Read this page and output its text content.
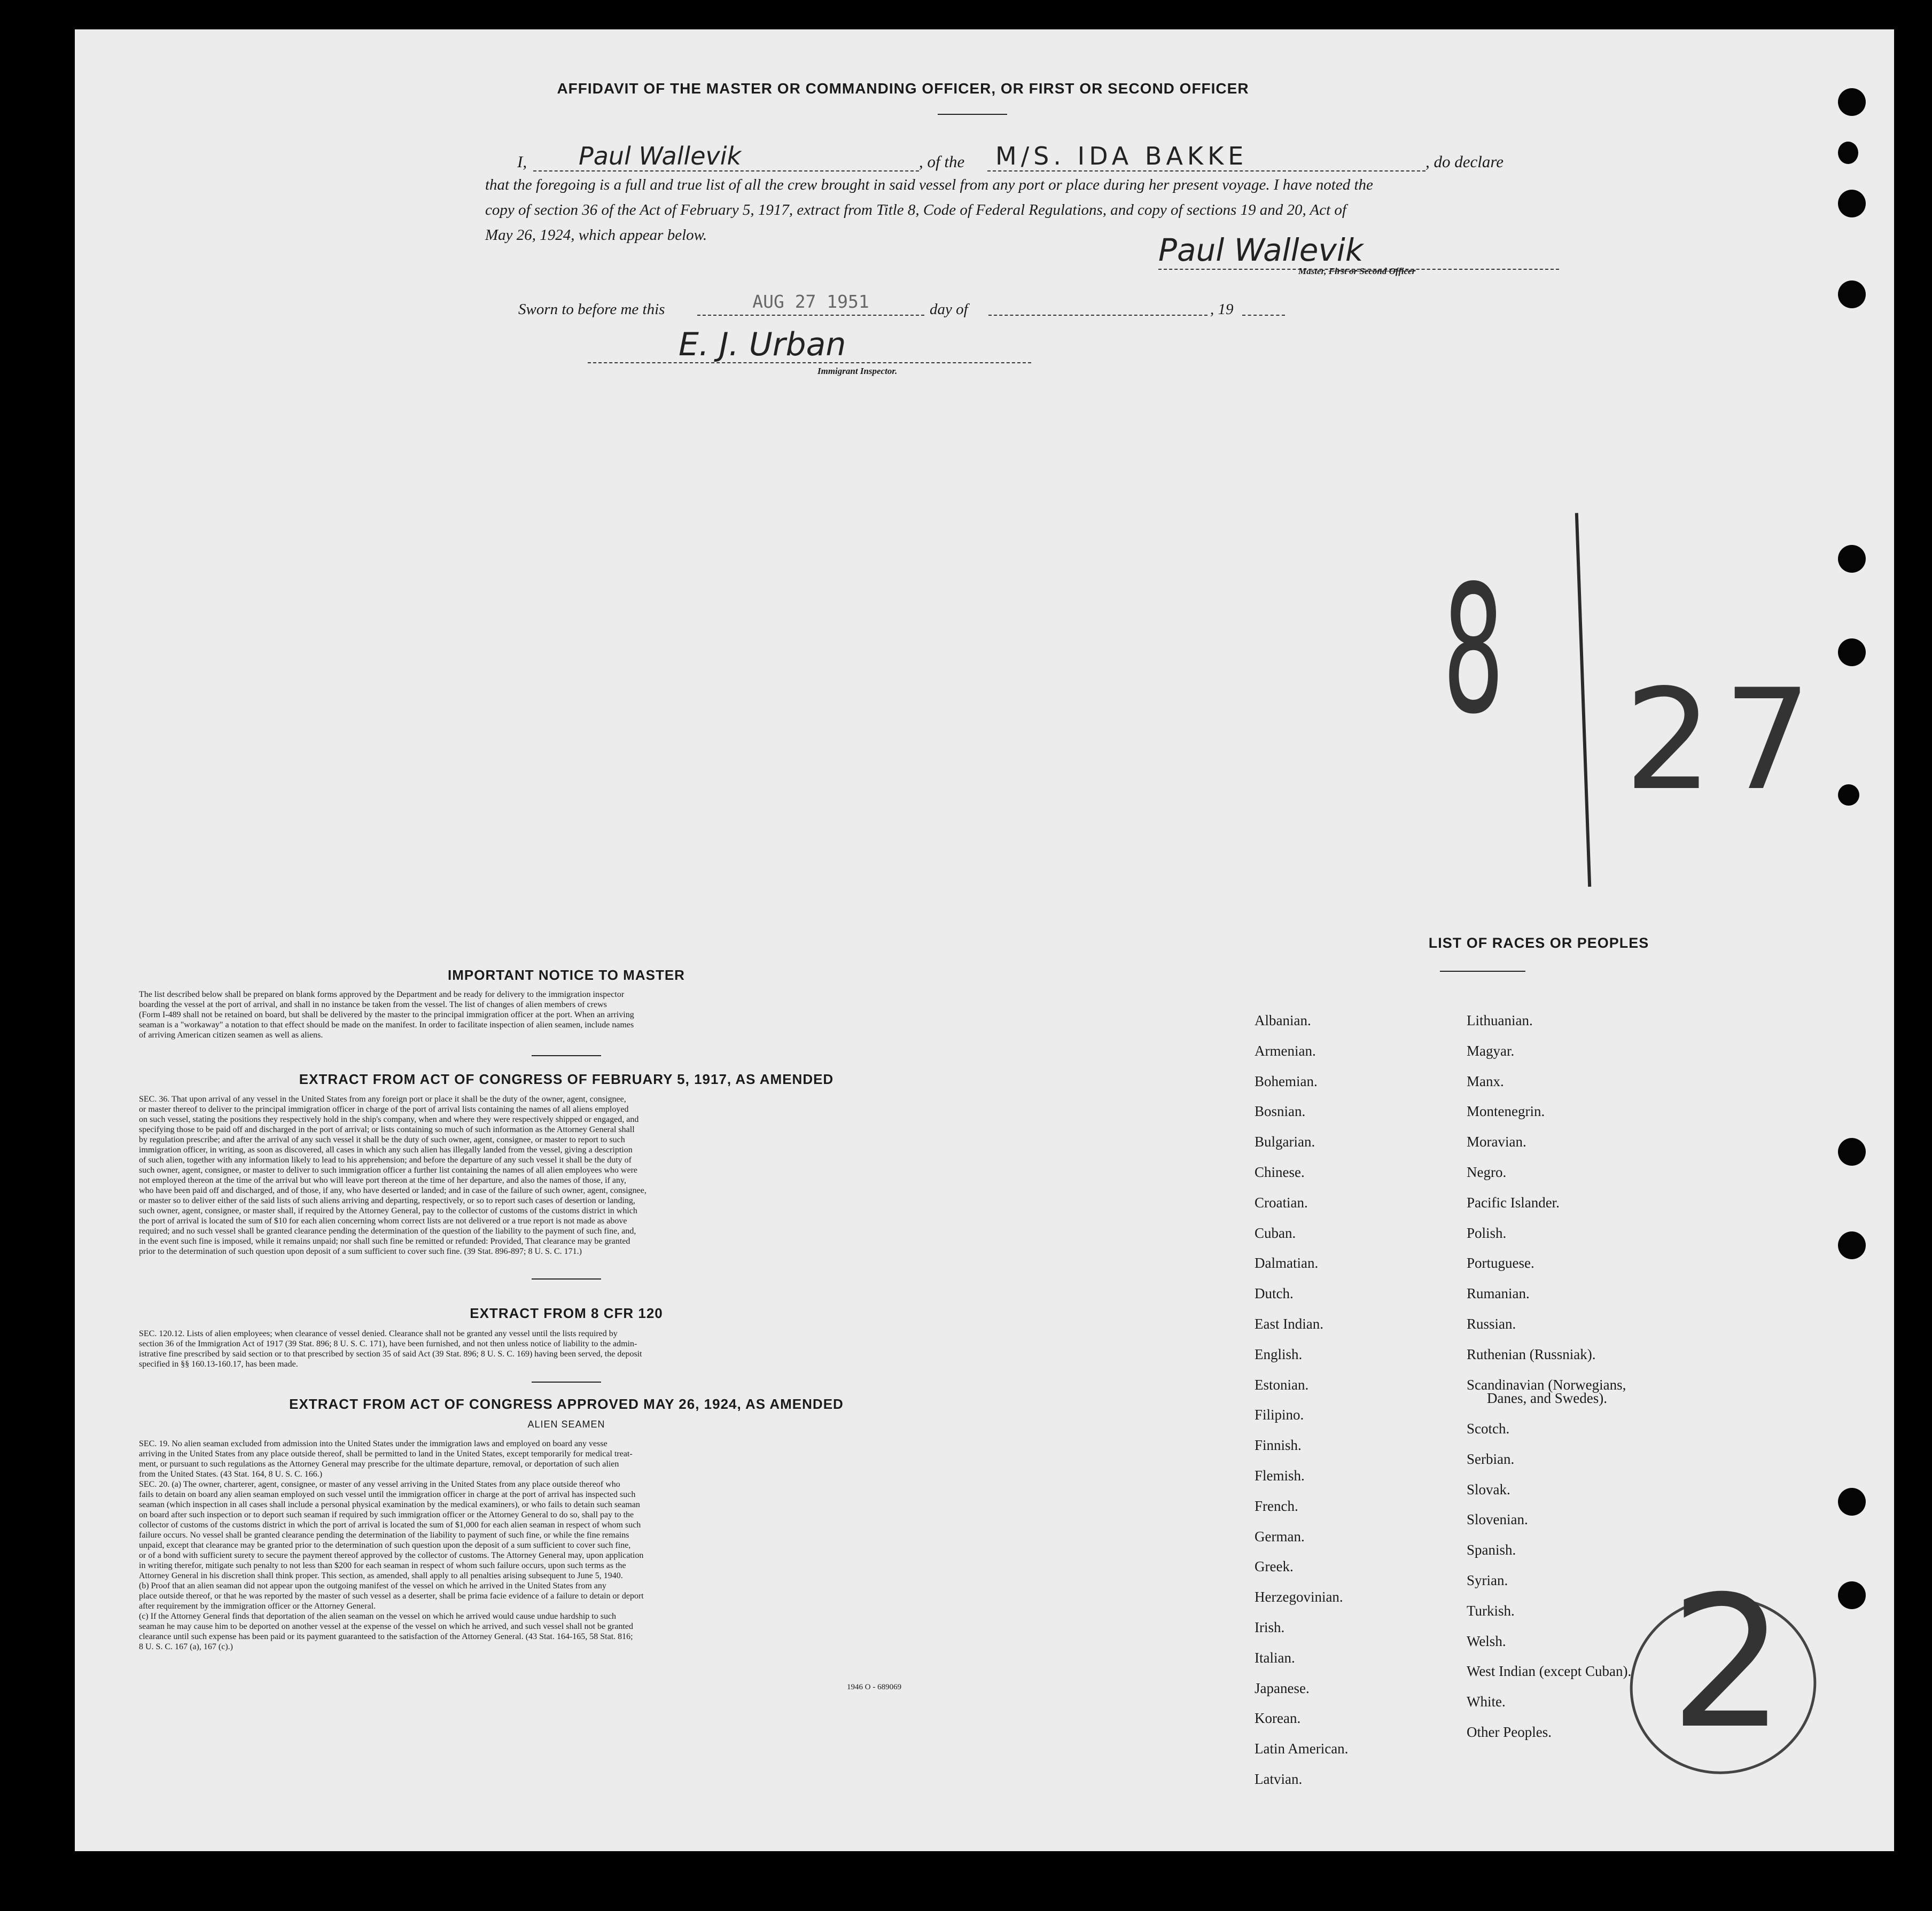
AFFIDAVIT OF THE MASTER OR COMMANDING OFFICER, OR FIRST OR SECOND OFFICER
I,	Paul Wallevik	, of the	M/S. IDA BAKKE	, do declare
that the foregoing is a full and true list of all the crew brought in said vessel from any port or place during her present voyage. I have noted the
copy of section 36 of the Act of February 5, 1917, extract from Title 8, Code of Federal Regulations, and copy of sections 19 and 20, Act of
May 26, 1924, which appear below.	Paul Wallevik
Master, First or Second Officer
Sworn to before me this	AUG 27 1951	day of	, 19
E. J. Urban
Immigrant Inspector.
8 27
2
IMPORTANT NOTICE TO MASTER
The list described below shall be prepared on blank forms approved by the Department and be ready for delivery to the immigration inspector
boarding the vessel at the port of arrival, and shall in no instance be taken from the vessel. The list of changes of alien members of crews
(Form I-489 shall not be retained on board, but shall be delivered by the master to the principal immigration officer at the port. When an arriving
seaman is a "workaway" a notation to that effect should be made on the manifest. In order to facilitate inspection of alien seamen, include names
of arriving American citizen seamen as well as aliens.
EXTRACT FROM ACT OF CONGRESS OF FEBRUARY 5, 1917, AS AMENDED
SEC. 36. That upon arrival of any vessel in the United States from any foreign port or place it shall be the duty of the owner, agent, consignee,
or master thereof to deliver to the principal immigration officer in charge of the port of arrival lists containing the names of all aliens employed
on such vessel, stating the positions they respectively hold in the ship's company, when and where they were respectively shipped or engaged, and
specifying those to be paid off and discharged in the port of arrival; or lists containing so much of such information as the Attorney General shall
by regulation prescribe; and after the arrival of any such vessel it shall be the duty of such owner, agent, consignee, or master to report to such
immigration officer, in writing, as soon as discovered, all cases in which any such alien has illegally landed from the vessel, giving a description
of such alien, together with any information likely to lead to his apprehension; and before the departure of any such vessel it shall be the duty of
such owner, agent, consignee, or master to deliver to such immigration officer a further list containing the names of all alien employees who were
not employed thereon at the time of the arrival but who will leave port thereon at the time of her departure, and also the names of those, if any,
who have been paid off and discharged, and of those, if any, who have deserted or landed; and in case of the failure of such owner, agent, consignee,
or master so to deliver either of the said lists of such aliens arriving and departing, respectively, or so to report such cases of desertion or landing,
such owner, agent, consignee, or master shall, if required by the Attorney General, pay to the collector of customs of the customs district in which
the port of arrival is located the sum of $10 for each alien concerning whom correct lists are not delivered or a true report is not made as above
required; and no such vessel shall be granted clearance pending the determination of the question of the liability to the payment of such fine, and,
in the event such fine is imposed, while it remains unpaid; nor shall such fine be remitted or refunded: Provided, That clearance may be granted
prior to the determination of such question upon deposit of a sum sufficient to cover such fine. (39 Stat. 896-897; 8 U. S. C. 171.)
EXTRACT FROM 8 CFR 120
SEC. 120.12. Lists of alien employees; when clearance of vessel denied. Clearance shall not be granted any vessel until the lists required by
section 36 of the Immigration Act of 1917 (39 Stat. 896; 8 U. S. C. 171), have been furnished, and not then unless notice of liability to the admin-
istrative fine prescribed by said section or to that prescribed by section 35 of said Act (39 Stat. 896; 8 U. S. C. 169) having been served, the deposit
specified in §§ 160.13-160.17, has been made.
EXTRACT FROM ACT OF CONGRESS APPROVED MAY 26, 1924, AS AMENDED
ALIEN SEAMEN
SEC. 19. No alien seaman excluded from admission into the United States under the immigration laws and employed on board any vesse
arriving in the United States from any place outside thereof, shall be permitted to land in the United States, except temporarily for medical treat-
ment, or pursuant to such regulations as the Attorney General may prescribe for the ultimate departure, removal, or deportation of such alien
from the United States. (43 Stat. 164, 8 U. S. C. 166.)
SEC. 20. (a) The owner, charterer, agent, consignee, or master of any vessel arriving in the United States from any place outside thereof who
fails to detain on board any alien seaman employed on such vessel until the immigration officer in charge at the port of arrival has inspected such
seaman (which inspection in all cases shall include a personal physical examination by the medical examiners), or who fails to detain such seaman
on board after such inspection or to deport such seaman if required by such immigration officer or the Attorney General to do so, shall pay to the
collector of customs of the customs district in which the port of arrival is located the sum of $1,000 for each alien seaman in respect of whom such
failure occurs. No vessel shall be granted clearance pending the determination of the liability to payment of such fine, or while the fine remains
unpaid, except that clearance may be granted prior to the determination of such question upon the deposit of a sum sufficient to cover such fine,
or of a bond with sufficient surety to secure the payment thereof approved by the collector of customs. The Attorney General may, upon application
in writing therefor, mitigate such penalty to not less than $200 for each seaman in respect of whom such failure occurs, upon such terms as the
Attorney General in his discretion shall think proper. This section, as amended, shall apply to all penalties arising subsequent to June 5, 1940.
(b) Proof that an alien seaman did not appear upon the outgoing manifest of the vessel on which he arrived in the United States from any
place outside thereof, or that he was reported by the master of such vessel as a deserter, shall be prima facie evidence of a failure to detain or deport
after requirement by the immigration officer or the Attorney General.
(c) If the Attorney General finds that deportation of the alien seaman on the vessel on which he arrived would cause undue hardship to such
seaman he may cause him to be deported on another vessel at the expense of the vessel on which he arrived, and such vessel shall not be granted
clearance until such expense has been paid or its payment guaranteed to the satisfaction of the Attorney General. (43 Stat. 164-165, 58 Stat. 816;
8 U. S. C. 167 (a), 167 (c).)
1946 O - 689069
LIST OF RACES OR PEOPLES
Albanian.
Armenian.
Bohemian.
Bosnian.
Bulgarian.
Chinese.
Croatian.
Cuban.
Dalmatian.
Dutch.
East Indian.
English.
Estonian.
Filipino.
Finnish.
Flemish.
French.
German.
Greek.
Herzegovinian.
Irish.
Italian.
Japanese.
Korean.
Latin American.
Latvian.
Lithuanian.
Magyar.
Manx.
Montenegrin.
Moravian.
Negro.
Pacific Islander.
Polish.
Portuguese.
Rumanian.
Russian.
Ruthenian (Russniak).
Scandinavian (Norwegians,
Danes, and Swedes).
Scotch.
Serbian.
Slovak.
Slovenian.
Spanish.
Syrian.
Turkish.
Welsh.
West Indian (except Cuban).
White.
Other Peoples.
